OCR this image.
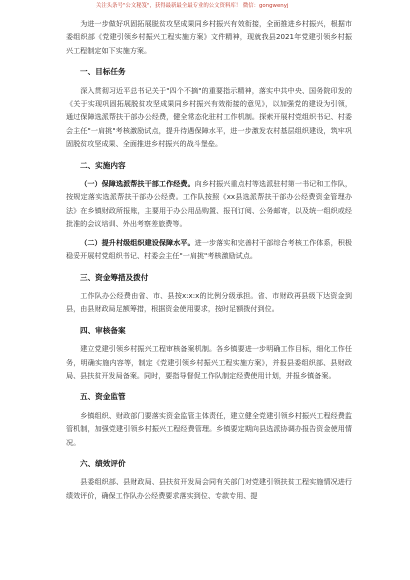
关注头条号"公文秘笈"，获得最新最全最专业的公文资料库！ 微信：gongwenyj

为进一步做好巩固拓展脱贫攻坚成果同乡村振兴有效衔接，全面推进乡村振兴，根据市委组织部《党建引领乡村振兴工程实施方案》文件精神，现就我县2021年党建引领乡村振兴工程制定如下实施方案。

一、目标任务

深入贯彻习近平总书记关于"四个不摘"的重要指示精神，落实中共中央、国务院印发的《关于实现巩固拓展脱贫攻坚成果同乡村振兴有效衔接的意见》，以加强党的建设为引领，通过保障选派帮扶干部办公经费，健全常态化驻村工作机制。探索开展村党组织书记、村委会主任"一肩挑"考核激励试点，提升待遇保障水平，进一步激发农村基层组织建设，筑牢巩固脱贫攻坚成果、全面推进乡村振兴的战斗堡垒。

二、实施内容

（一）保障选派帮扶干部工作经费。向乡村振兴重点村等选派驻村第一书记和工作队，按规定落实选派帮扶干部办公经费。工作队按照《xx县选派帮扶干部办公经费资金管理办法》在乡镇财政所报账，主要用于办公用品购置、报刊订阅、公务邮寄，以及统一组织或经批准的会议培训、外出考察差旅费等。

（二）提升村级组织建设保障水平。进一步落实和完善村干部综合考核工作体系，积极稳妥开展村党组织书记、村委会主任"一肩挑"考核激励试点。

三、资金筹措及拨付

工作队办公经费由省、市、县按x:x:x的比例分级承担。省、市财政再县级下达资金到县，由县财政局足额筹措，根据资金使用要求，按时足额拨付到位。

四、审核备案

建立党建引领乡村振兴工程审核备案机制。各乡镇要进一步明确工作目标，细化工作任务，明确实施内容等，制定《党建引领乡村振兴工程实施方案》，并报县委组织部、县财政局、县扶贫开发局备案。同时，要指导督促工作队制定经费使用计划，并报乡镇备案。

五、资金监管

乡镇组织、财政部门要落实资金监管主体责任，建立健全党建引领乡村振兴工程经费监管机制，加强党建引领乡村振兴工程经费管理。乡镇要定期向县选派协调办报告资金使用情况。

六、绩效评价

县委组织部、县财政局、县扶贫开发局会同有关部门对党建引领扶贫工程实施情况进行绩效评价，确保工作队办公经费要求落实到位、专款专用、提
